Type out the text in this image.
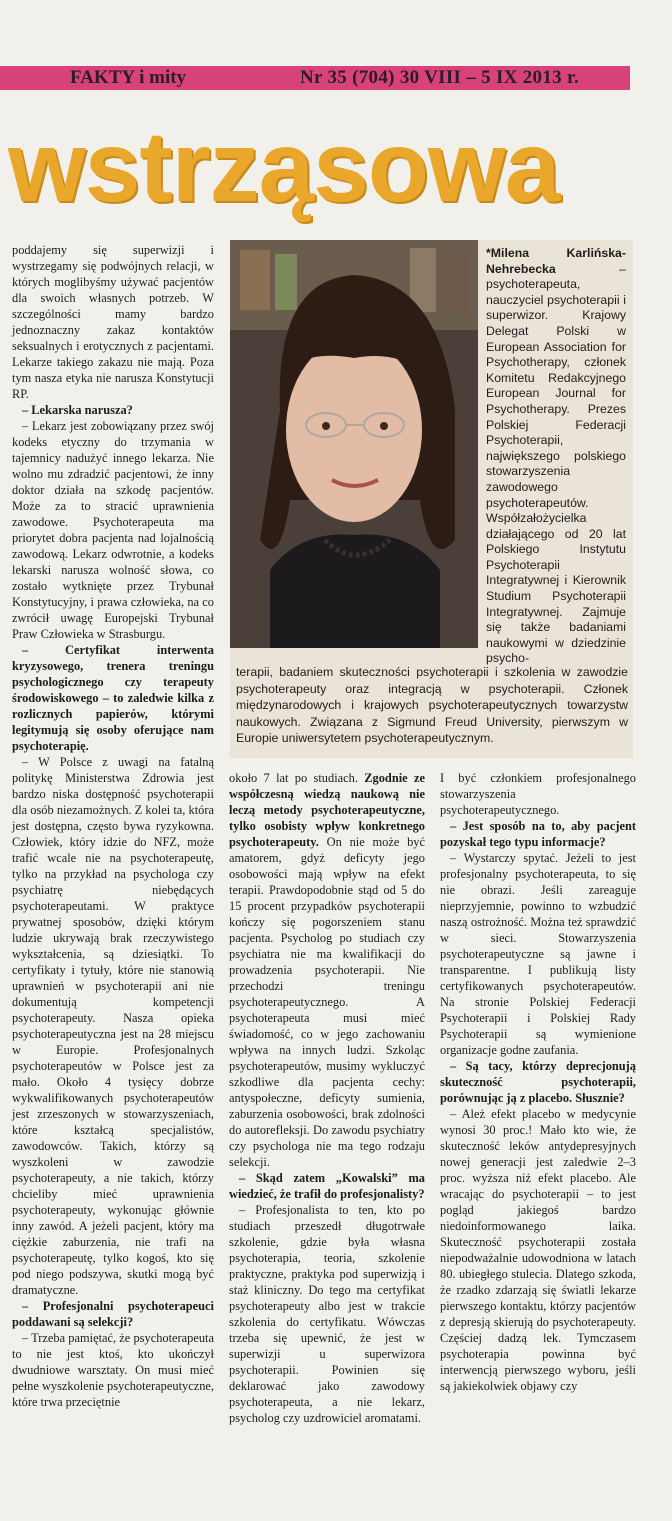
FAKTY i mity	Nr 35 (704) 30 VIII – 5 IX 2013 r.
wstrząsowa
*Milena Karlińska-Nehrebecka – psychoterapeuta, nauczyciel psychoterapii i superwizor. Krajowy Delegat Polski w European Association for Psychotherapy, członek Komitetu Redakcyjnego European Journal for Psychotherapy. Prezes Polskiej Federacji Psychoterapii, największego polskiego stowarzyszenia zawodowego psychoterapeutów. Współzałożycielka działającego od 20 lat Polskiego Instytutu Psychoterapii Integratywnej i Kierownik Studium Psychoterapii Integratywnej. Zajmuje się także badaniami naukowymi w dziedzinie psycho-
terapii, badaniem skuteczności psychoterapii i szkolenia w zawodzie psychoterapeuty oraz integracją w psychoterapii. Członek międzynarodowych i krajowych psychoterapeutycznych towarzystw naukowych. Związana z Sigmund Freud University, pierwszym w Europie uniwersytetem psychoterapeutycznym.

poddajemy się superwizji i wystrzegamy się podwójnych relacji, w których moglibyśmy używać pacjentów dla swoich własnych potrzeb. W szczególności mamy bardzo jednoznaczny zakaz kontaktów seksualnych i erotycznych z pacjentami. Lekarze takiego zakazu nie mają. Poza tym nasza etyka nie narusza Konstytucji RP.

– Lekarska narusza?

– Lekarz jest zobowiązany przez swój kodeks etyczny do trzymania w tajemnicy nadużyć innego lekarza. Nie wolno mu zdradzić pacjentowi, że inny doktor działa na szkodę pacjentów. Może za to stracić uprawnienia zawodowe. Psychoterapeuta ma priorytet dobra pacjenta nad lojalnością zawodową. Lekarz odwrotnie, a kodeks lekarski narusza wolność słowa, co zostało wytknięte przez Trybunał Konstytucyjny, i prawa człowieka, na co zwrócił uwagę Europejski Trybunał Praw Człowieka w Strasburgu.

– Certyfikat interwenta kryzysowego, trenera treningu psychologicznego czy terapeuty środowiskowego – to zaledwie kilka z rozlicznych papierów, którymi legitymują się osoby oferujące nam psychoterapię.

– W Polsce z uwagi na fatalną politykę Ministerstwa Zdrowia jest bardzo niska dostępność psychoterapii dla osób niezamożnych. Z kolei ta, która jest dostępna, często bywa ryzykowna. Człowiek, który idzie do NFZ, może trafić wcale nie na psychoterapeutę, tylko na przykład na psychologa czy psychiatrę niebędących psychoterapeutami. W praktyce prywatnej sposobów, dzięki którym ludzie ukrywają brak rzeczywistego wykształcenia, są dziesiątki. To certyfikaty i tytuły, które nie stanowią uprawnień w psychoterapii ani nie dokumentują kompetencji psychoterapeuty. Nasza opieka psychoterapeutyczna jest na 28 miejscu w Europie. Profesjonalnych psychoterapeutów w Polsce jest za mało. Około 4 tysięcy dobrze wykwalifikowanych psychoterapeutów jest zrzeszonych w stowarzyszeniach, które kształcą specjalistów, zawodowców. Takich, którzy są wyszkoleni w zawodzie psychoterapeuty, a nie takich, którzy chcieliby mieć uprawnienia psychoterapeuty, wykonując głównie inny zawód. A jeżeli pacjent, który ma ciężkie zaburzenia, nie trafi na psychoterapeutę, tylko kogoś, kto się pod niego podszywa, skutki mogą być dramatyczne.

– Profesjonalni psychoterapeuci poddawani są selekcji?

– Trzeba pamiętać, że psychoterapeuta to nie jest ktoś, kto ukończył dwudniowe warsztaty. On musi mieć pełne wyszkolenie psychoterapeutyczne, które trwa przeciętnie

około 7 lat po studiach. Zgodnie ze współczesną wiedzą naukową nie leczą metody psychoterapeutyczne, tylko osobisty wpływ konkretnego psychoterapeuty. On nie może być amatorem, gdyż deficyty jego osobowości mają wpływ na efekt terapii. Prawdopodobnie stąd od 5 do 15 procent przypadków psychoterapii kończy się pogorszeniem stanu pacjenta. Psycholog po studiach czy psychiatra nie ma kwalifikacji do prowadzenia psychoterapii. Nie przechodzi treningu psychoterapeutycznego. A psychoterapeuta musi mieć świadomość, co w jego zachowaniu wpływa na innych ludzi. Szkoląc psychoterapeutów, musimy wykluczyć szkodliwe dla pacjenta cechy: antyspołeczne, deficyty sumienia, zaburzenia osobowości, brak zdolności do autorefleksji. Do zawodu psychiatry czy psychologa nie ma tego rodzaju selekcji.

– Skąd zatem „Kowalski” ma wiedzieć, że trafił do profesjonalisty?

– Profesjonalista to ten, kto po studiach przeszedł długotrwałe szkolenie, gdzie była własna psychoterapia, teoria, szkolenie praktyczne, praktyka pod superwizją i staż kliniczny. Do tego ma certyfikat psychoterapeuty albo jest w trakcie szkolenia do certyfikatu. Wówczas trzeba się upewnić, że jest w superwizji u superwizora psychoterapii. Powinien się deklarować jako zawodowy psychoterapeuta, a nie lekarz, psycholog czy uzdrowiciel aromatami.

I być członkiem profesjonalnego stowarzyszenia psychoterapeutycznego.

– Jest sposób na to, aby pacjent pozyskał tego typu informacje?

– Wystarczy spytać. Jeżeli to jest profesjonalny psychoterapeuta, to się nie obrazi. Jeśli zareaguje nieprzyjemnie, powinno to wzbudzić naszą ostrożność. Można też sprawdzić w sieci. Stowarzyszenia psychoterapeutyczne są jawne i transparentne. I publikują listy certyfikowanych psychoterapeutów. Na stronie Polskiej Federacji Psychoterapii i Polskiej Rady Psychoterapii są wymienione organizacje godne zaufania.

– Są tacy, którzy deprecjonują skuteczność psychoterapii, porównując ją z placebo. Słusznie?

– Ależ efekt placebo w medycynie wynosi 30 proc.! Mało kto wie, że skuteczność leków antydepresyjnych nowej generacji jest zaledwie 2–3 proc. wyższa niż efekt placebo. Ale wracając do psychoterapii – to jest pogląd jakiegoś bardzo niedoinformowanego laika. Skuteczność psychoterapii została niepodważalnie udowodniona w latach 80. ubiegłego stulecia. Dlatego szkoda, że rzadko zdarzają się światli lekarze pierwszego kontaktu, którzy pacjentów z depresją skierują do psychoterapeuty. Częściej dadzą lek. Tymczasem psychoterapia powinna być interwencją pierwszego wyboru, jeśli są jakiekolwiek objawy czy
